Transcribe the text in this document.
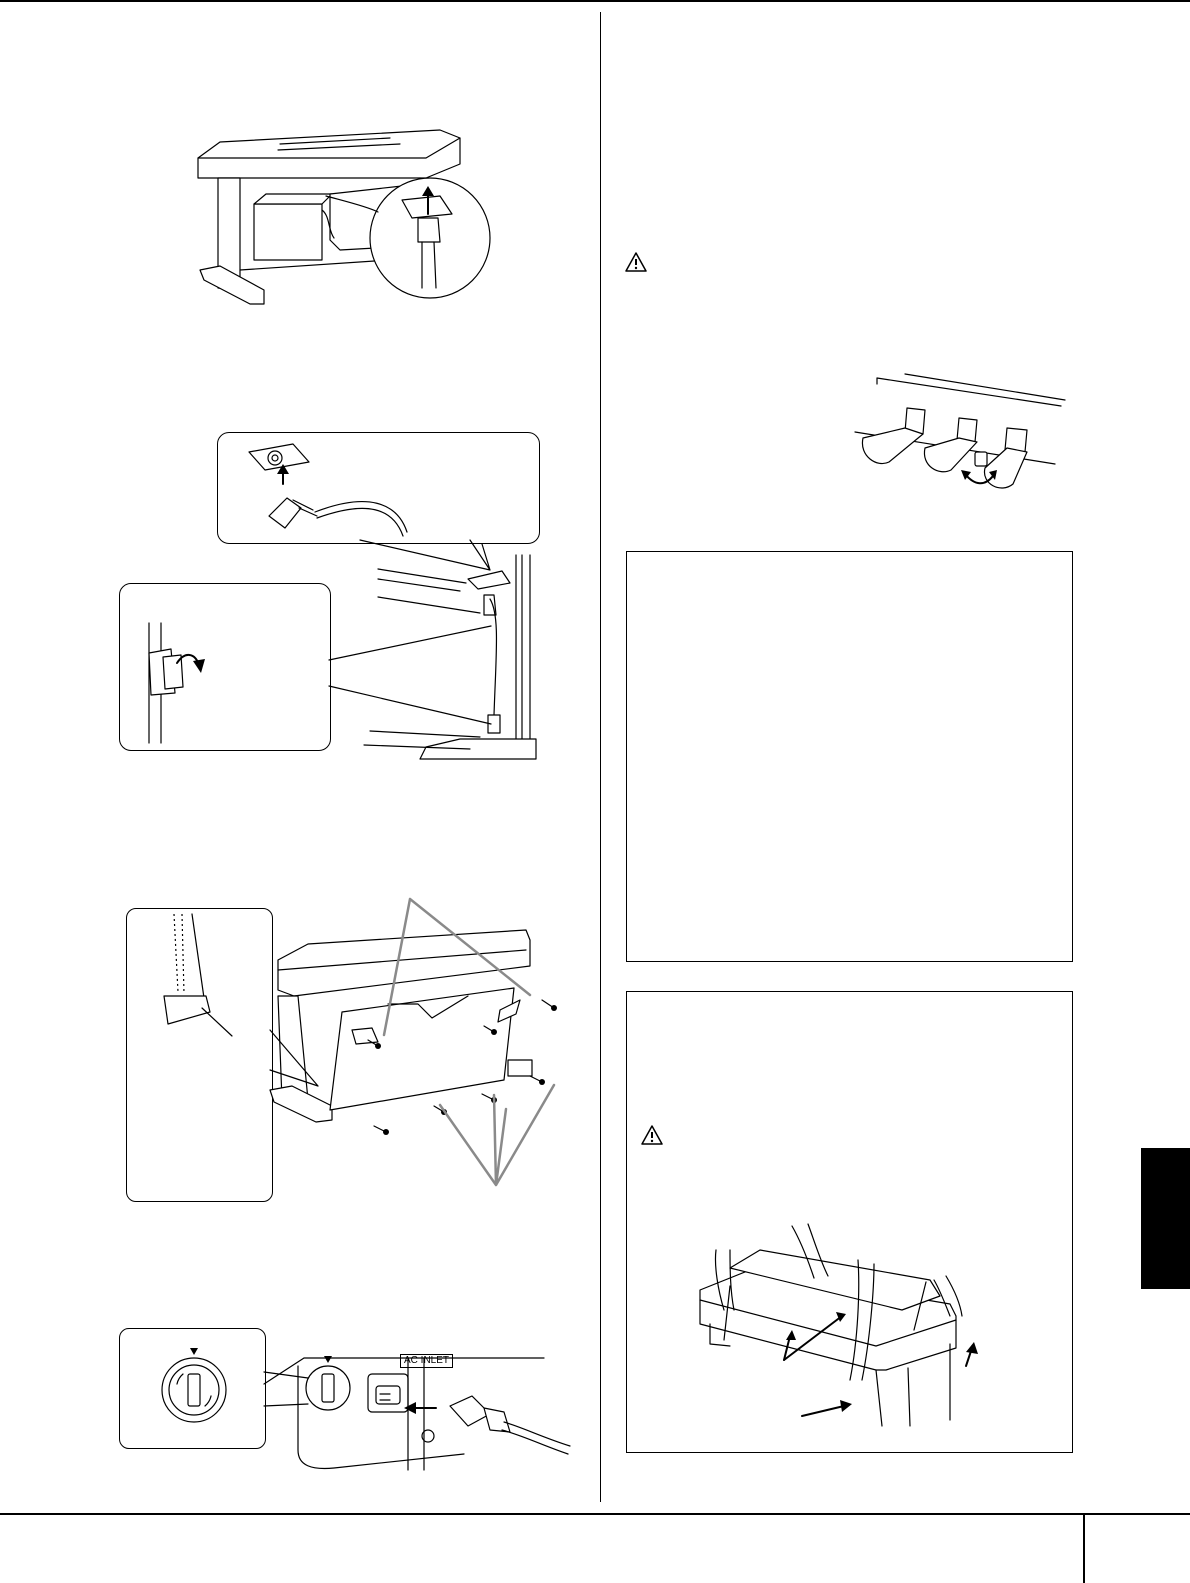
AC INLET
